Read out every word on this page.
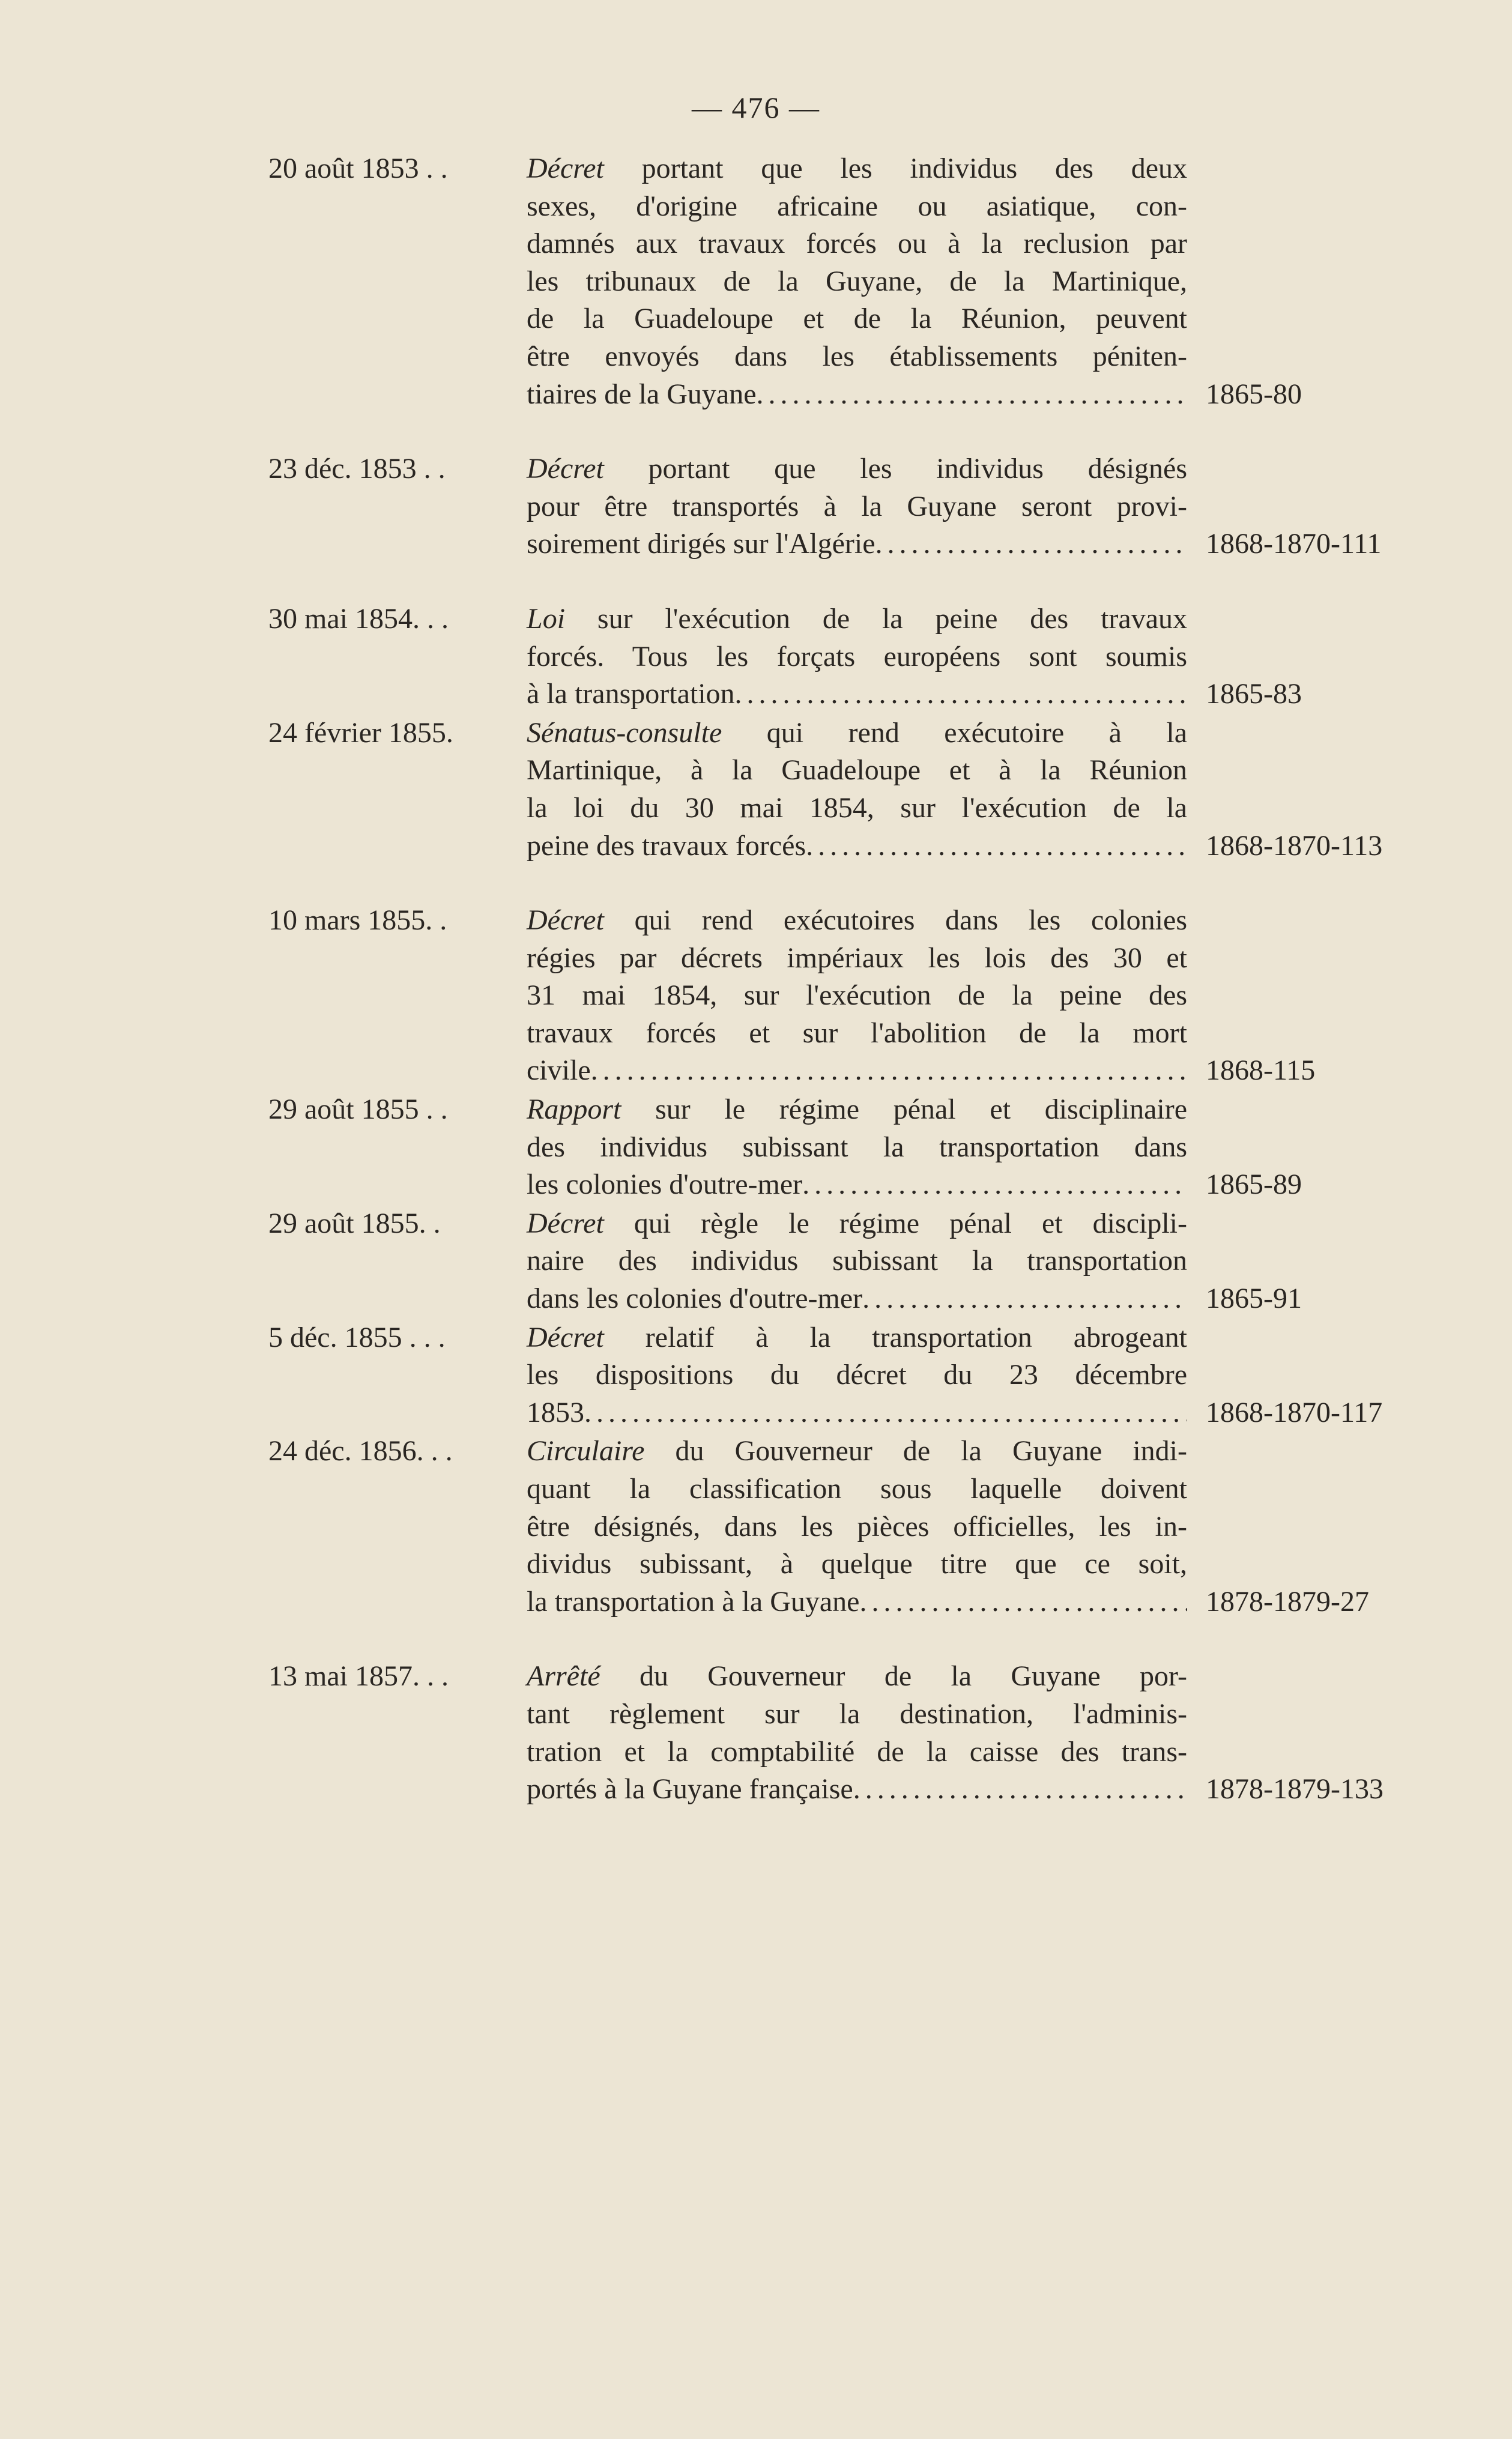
— 476 —
20 août 1853 . .	Décret portant que les individus des deux
sexes, d'origine africaine ou asiatique, con-
damnés aux travaux forcés ou à la reclusion par
les tribunaux de la Guyane, de la Martinique,
de la Guadeloupe et de la Réunion, peuvent
être envoyés dans les établissements péniten-
tiaires de la Guyane . . .	1865-80
23 déc. 1853 . .	Décret portant que les individus désignés
pour être transportés à la Guyane seront provi-
soirement dirigés sur l'Algérie . . .	1868-1870-111
30 mai 1854. . .	Loi sur l'exécution de la peine des travaux
forcés. Tous les forçats européens sont soumis
à la transportation . . .	1865-83
24 février 1855.	Sénatus-consulte qui rend exécutoire à la
Martinique, à la Guadeloupe et à la Réunion
la loi du 30 mai 1854, sur l'exécution de la
peine des travaux forcés . . .	1868-1870-113
10 mars 1855. .	Décret qui rend exécutoires dans les colonies
régies par décrets impériaux les lois des 30 et
31 mai 1854, sur l'exécution de la peine des
travaux forcés et sur l'abolition de la mort
civile . . .	1868-115
29 août 1855 . .	Rapport sur le régime pénal et disciplinaire
des individus subissant la transportation dans
les colonies d'outre-mer . . .	1865-89
29 août 1855. .	Décret qui règle le régime pénal et discipli-
naire des individus subissant la transportation
dans les colonies d'outre-mer . . .	1865-91
5 déc. 1855 . . .	Décret relatif à la transportation abrogeant
les dispositions du décret du 23 décembre
1853 . . .	1868-1870-117
24 déc. 1856. . .	Circulaire du Gouverneur de la Guyane indi-
quant la classification sous laquelle doivent
être désignés, dans les pièces officielles, les in-
dividus subissant, à quelque titre que ce soit,
la transportation à la Guyane . . .	1878-1879-27
13 mai 1857. . .	Arrêté du Gouverneur de la Guyane por-
tant règlement sur la destination, l'adminis-
tration et la comptabilité de la caisse des trans-
portés à la Guyane française . . .	1878-1879-133
